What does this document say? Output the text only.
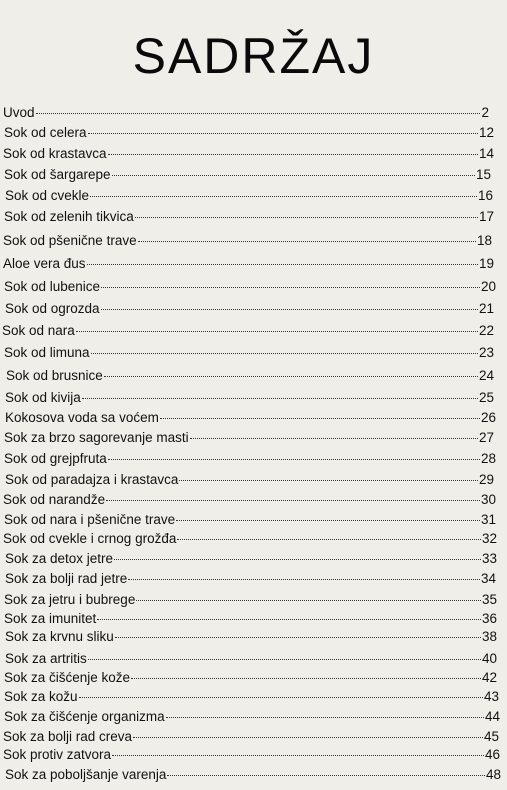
SADRŽAJ
Uvod	2
Sok od celera	12
Sok od krastavca	14
Sok od šargarepe	15
Sok od cvekle	16
Sok od zelenih tikvica	17
Sok od pšenične trave	18
Aloe vera đus	19
Sok od lubenice	20
Sok od ogrozda	21
Sok od nara	22
Sok od limuna	23
Sok od brusnice	24
Sok od kivija	25
Kokosova voda sa voćem	26
Sok za brzo sagorevanje masti	27
Sok od grejpfruta	28
Sok od paradajza i krastavca	29
Sok od narandže	30
Sok od nara i pšenične trave	31
Sok od cvekle i crnog grožđa	32
Sok za detox jetre	33
Sok za bolji rad jetre	34
Sok za jetru i bubrege	35
Sok za imunitet	36
Sok za krvnu sliku	38
Sok za artritis	40
Sok za čišćenje kože	42
Sok za kožu	43
Sok za čišćenje organizma	44
Sok za bolji rad creva	45
Sok protiv zatvora	46
Sok za poboljšanje varenja	48
